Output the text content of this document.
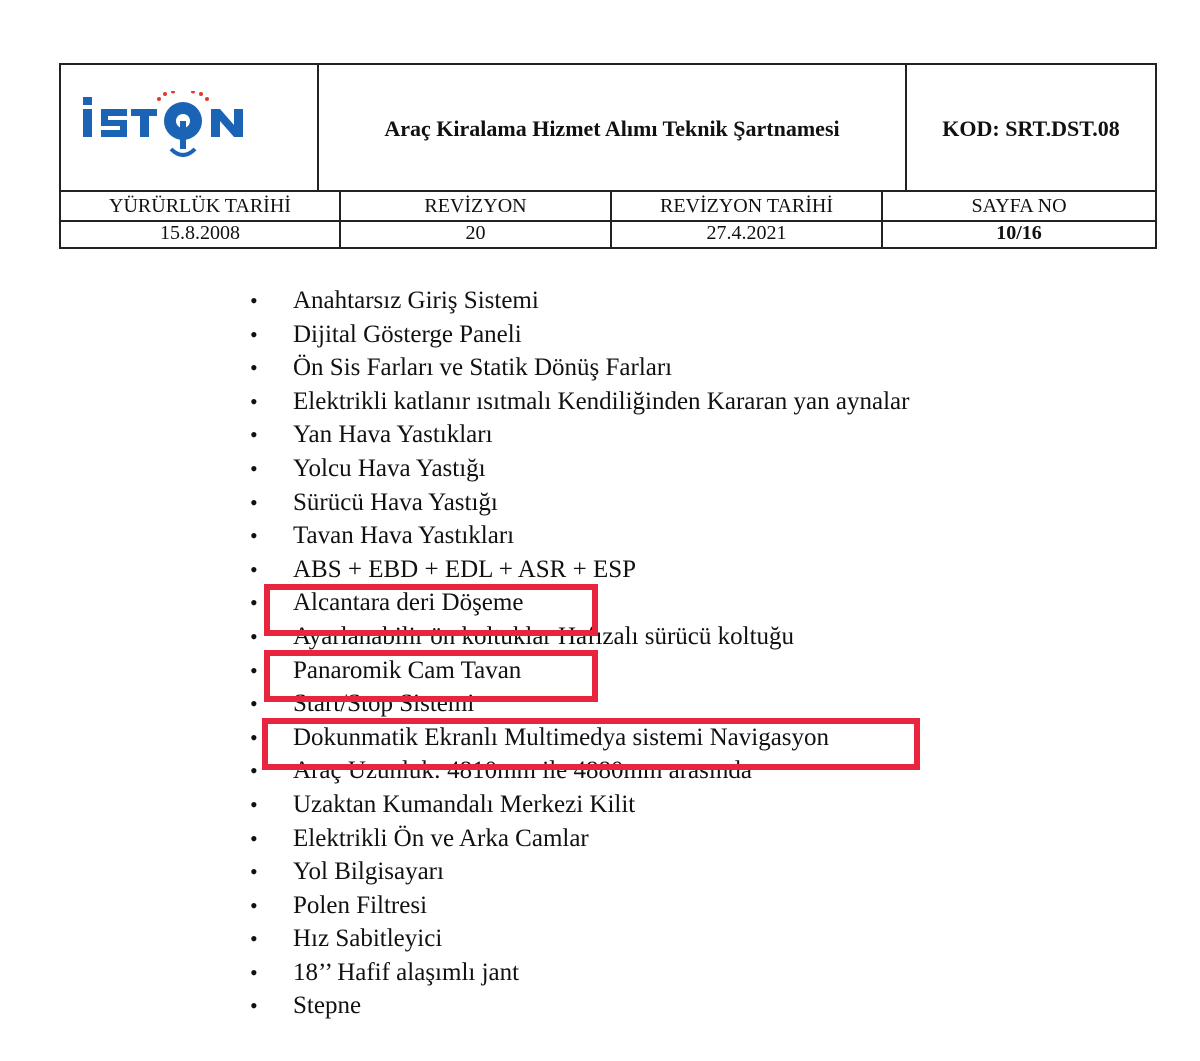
Araç Kiralama Hizmet Alımı Teknik Şartnamesi	KOD: SRT.DST.08
YÜRÜRLÜK TARİHİ	REVİZYON	REVİZYON TARİHİ	SAYFA NO
15.8.2008	20	27.4.2021	10/16
• Anahtarsız Giriş Sistemi
• Dijital Gösterge Paneli
• Ön Sis Farları ve Statik Dönüş Farları
• Elektrikli katlanır ısıtmalı Kendiliğinden Kararan yan aynalar
• Yan Hava Yastıkları
• Yolcu Hava Yastığı
• Sürücü Hava Yastığı
• Tavan Hava Yastıkları
• ABS + EBD + EDL + ASR + ESP
• Alcantara deri Döşeme
• Ayarlanabilir ön koltuklar Hafızalı sürücü koltuğu
• Panaromik Cam Tavan
• Start/Stop Sistemi
• Dokunmatik Ekranlı Multimedya sistemi Navigasyon
• Araç Uzunluk: 4810mm ile 4880mm arasında
• Uzaktan Kumandalı Merkezi Kilit
• Elektrikli Ön ve Arka Camlar
• Yol Bilgisayarı
• Polen Filtresi
• Hız Sabitleyici
• 18’’ Hafif alaşımlı jant
• Stepne
